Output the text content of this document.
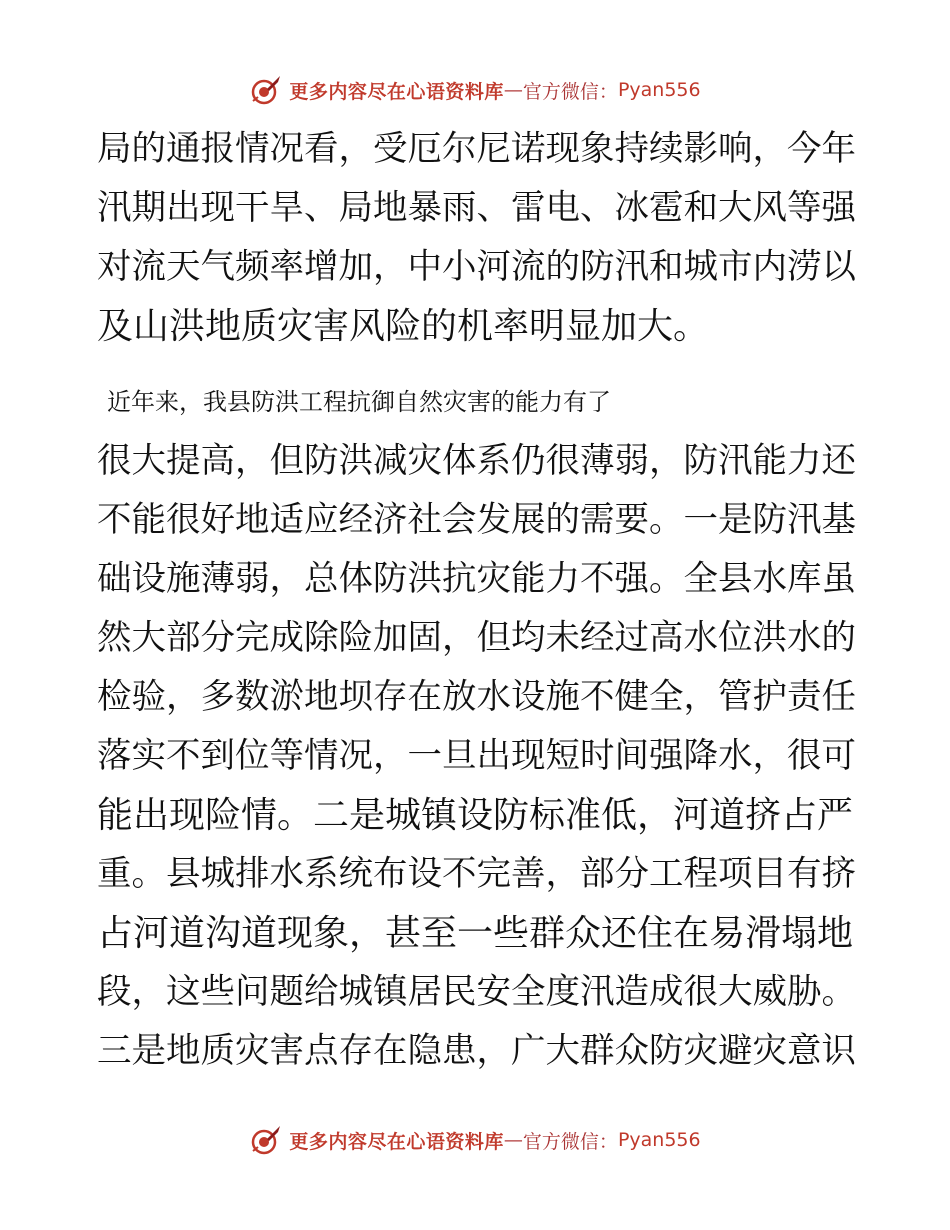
更多内容尽在心语资料库 — 官方微信： Pyan556
局的通报情况看，受厄尔尼诺现象持续影响，今年
汛期出现干旱、局地暴雨、雷电、冰雹和大风等强
对流天气频率增加，中小河流的防汛和城市内涝以
及山洪地质灾害风险的机率明显加大。
近年来，我县防洪工程抗御自然灾害的能力有了
很大提高，但防洪减灾体系仍很薄弱，防汛能力还
不能很好地适应经济社会发展的需要。一是防汛基
础设施薄弱，总体防洪抗灾能力不强。全县水库虽
然大部分完成除险加固，但均未经过高水位洪水的
检验，多数淤地坝存在放水设施不健全，管护责任
落实不到位等情况，一旦出现短时间强降水，很可
能出现险情。二是城镇设防标准低，河道挤占严
重。县城排水系统布设不完善，部分工程项目有挤
占河道沟道现象，甚至一些群众还住在易滑塌地
段，这些问题给城镇居民安全度汛造成很大威胁。
三是地质灾害点存在隐患，广大群众防灾避灾意识
更多内容尽在心语资料库 — 官方微信： Pyan556
